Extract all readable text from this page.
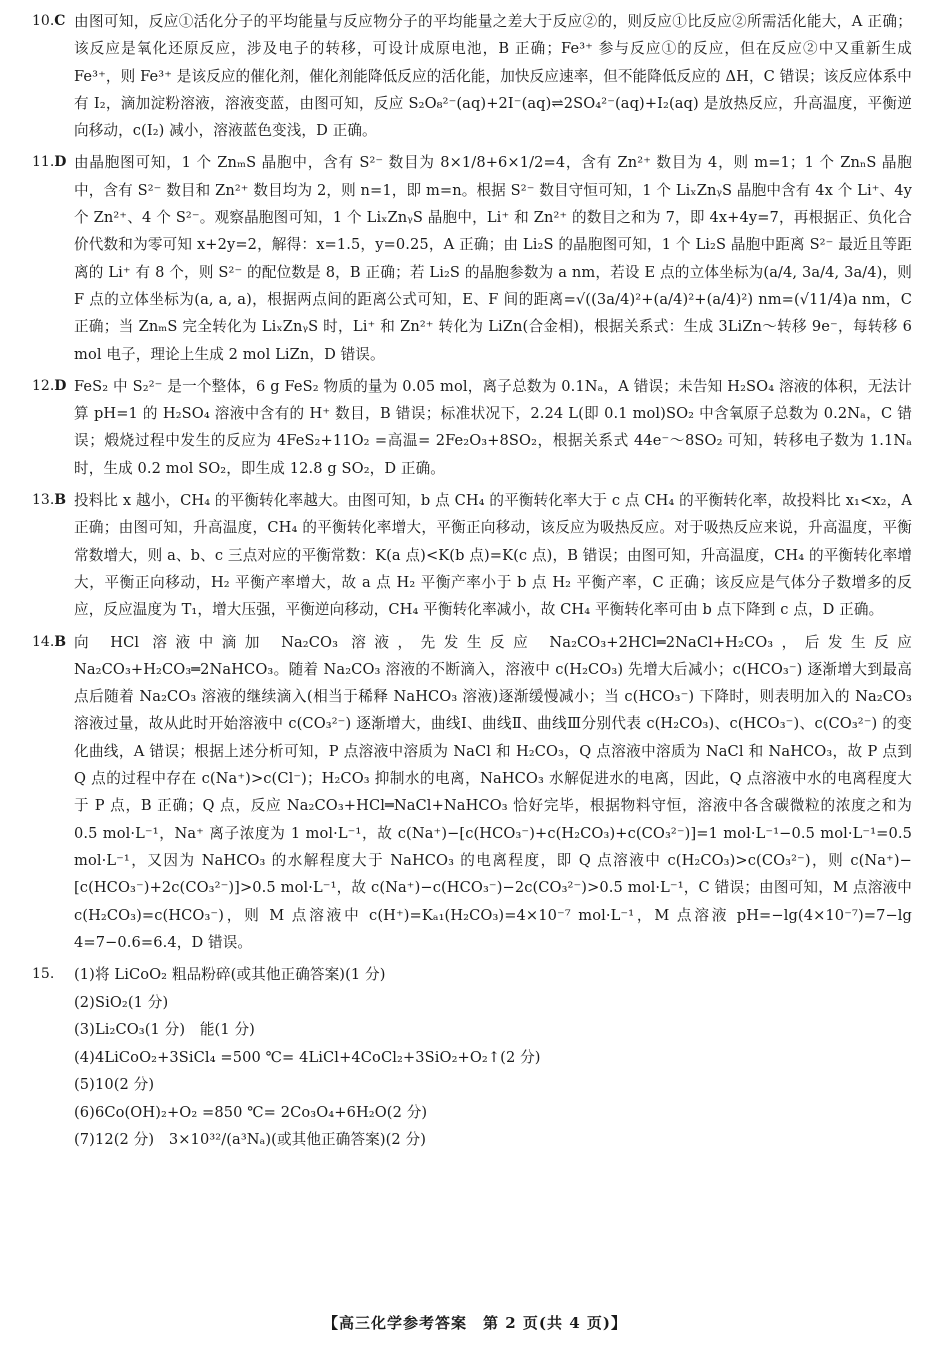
10.C 由图可知，反应①活化分子的平均能量与反应物分子的平均能量之差大于反应②的，则反应①比反应②所需活化能大，A 正确；该反应是氧化还原反应，涉及电子的转移，可设计成原电池，B 正确；Fe³⁺ 参与反应①的反应，但在反应②中又重新生成 Fe³⁺，则 Fe³⁺ 是该反应的催化剂，催化剂能降低反应的活化能，加快反应速率，但不能降低反应的 ΔH，C 错误；该反应体系中有 I₂，滴加淀粉溶液，溶液变蓝，由图可知，反应 S₂O₈²⁻(aq)+2I⁻(aq)⇌2SO₄²⁻(aq)+I₂(aq) 是放热反应，升高温度，平衡逆向移动，c(I₂) 减小，溶液蓝色变浅，D 正确。

11.D 由晶胞图可知，1 个 ZnₘS 晶胞中，含有 S²⁻ 数目为 8×1/8+6×1/2=4，含有 Zn²⁺ 数目为 4，则 m=1；1 个 ZnₙS 晶胞中，含有 S²⁻ 数目和 Zn²⁺ 数目均为 2，则 n=1，即 m=n。根据 S²⁻ 数目守恒可知，1 个 LiₓZnᵧS 晶胞中含有 4x 个 Li⁺、4y 个 Zn²⁺、4 个 S²⁻。观察晶胞图可知，1 个 LiₓZnᵧS 晶胞中，Li⁺ 和 Zn²⁺ 的数目之和为 7，即 4x+4y=7，再根据正、负化合价代数和为零可知 x+2y=2，解得：x=1.5，y=0.25，A 正确；由 Li₂S 的晶胞图可知，1 个 Li₂S 晶胞中距离 S²⁻ 最近且等距离的 Li⁺ 有 8 个，则 S²⁻ 的配位数是 8，B 正确；若 Li₂S 的晶胞参数为 a nm，若设 E 点的立体坐标为(a/4, 3a/4, 3a/4)，则 F 点的立体坐标为(a, a, a)，根据两点间的距离公式可知，E、F 间的距离=√((3a/4)²+(a/4)²+(a/4)²) nm=(√11/4)a nm，C 正确；当 ZnₘS 完全转化为 LiₓZnᵧS 时，Li⁺ 和 Zn²⁺ 转化为 LiZn(合金相)，根据关系式：生成 3LiZn～转移 9e⁻，每转移 6 mol 电子，理论上生成 2 mol LiZn，D 错误。

12.D FeS₂ 中 S₂²⁻ 是一个整体，6 g FeS₂ 物质的量为 0.05 mol，离子总数为 0.1Nₐ，A 错误；未告知 H₂SO₄ 溶液的体积，无法计算 pH=1 的 H₂SO₄ 溶液中含有的 H⁺ 数目，B 错误；标准状况下，2.24 L(即 0.1 mol)SO₂ 中含氧原子总数为 0.2Nₐ，C 错误；煅烧过程中发生的反应为 4FeS₂+11O₂ =高温= 2Fe₂O₃+8SO₂，根据关系式 44e⁻～8SO₂ 可知，转移电子数为 1.1Nₐ 时，生成 0.2 mol SO₂，即生成 12.8 g SO₂，D 正确。

13.B 投料比 x 越小，CH₄ 的平衡转化率越大。由图可知，b 点 CH₄ 的平衡转化率大于 c 点 CH₄ 的平衡转化率，故投料比 x₁<x₂，A 正确；由图可知，升高温度，CH₄ 的平衡转化率增大，平衡正向移动，该反应为吸热反应。对于吸热反应来说，升高温度，平衡常数增大，则 a、b、c 三点对应的平衡常数：K(a 点)<K(b 点)=K(c 点)，B 错误；由图可知，升高温度，CH₄ 的平衡转化率增大，平衡正向移动，H₂ 平衡产率增大，故 a 点 H₂ 平衡产率小于 b 点 H₂ 平衡产率，C 正确；该反应是气体分子数增多的反应，反应温度为 T₁，增大压强，平衡逆向移动，CH₄ 平衡转化率减小，故 CH₄ 平衡转化率可由 b 点下降到 c 点，D 正确。

14.B 向 HCl 溶液中滴加 Na₂CO₃ 溶液，先发生反应 Na₂CO₃+2HCl═2NaCl+H₂CO₃，后发生反应 Na₂CO₃+H₂CO₃═2NaHCO₃。随着 Na₂CO₃ 溶液的不断滴入，溶液中 c(H₂CO₃) 先增大后减小；c(HCO₃⁻) 逐渐增大到最高点后随着 Na₂CO₃ 溶液的继续滴入(相当于稀释 NaHCO₃ 溶液)逐渐缓慢减小；当 c(HCO₃⁻) 下降时，则表明加入的 Na₂CO₃ 溶液过量，故从此时开始溶液中 c(CO₃²⁻) 逐渐增大，曲线Ⅰ、曲线Ⅱ、曲线Ⅲ分别代表 c(H₂CO₃)、c(HCO₃⁻)、c(CO₃²⁻) 的变化曲线，A 错误；根据上述分析可知，P 点溶液中溶质为 NaCl 和 H₂CO₃，Q 点溶液中溶质为 NaCl 和 NaHCO₃，故 P 点到 Q 点的过程中存在 c(Na⁺)>c(Cl⁻)；H₂CO₃ 抑制水的电离，NaHCO₃ 水解促进水的电离，因此，Q 点溶液中水的电离程度大于 P 点，B 正确；Q 点，反应 Na₂CO₃+HCl═NaCl+NaHCO₃ 恰好完毕，根据物料守恒，溶液中各含碳微粒的浓度之和为 0.5 mol·L⁻¹，Na⁺ 离子浓度为 1 mol·L⁻¹，故 c(Na⁺)−[c(HCO₃⁻)+c(H₂CO₃)+c(CO₃²⁻)]=1 mol·L⁻¹−0.5 mol·L⁻¹=0.5 mol·L⁻¹，又因为 NaHCO₃ 的水解程度大于 NaHCO₃ 的电离程度，即 Q 点溶液中 c(H₂CO₃)>c(CO₃²⁻)，则 c(Na⁺)−[c(HCO₃⁻)+2c(CO₃²⁻)]>0.5 mol·L⁻¹，故 c(Na⁺)−c(HCO₃⁻)−2c(CO₃²⁻)>0.5 mol·L⁻¹，C 错误；由图可知，M 点溶液中 c(H₂CO₃)=c(HCO₃⁻)，则 M 点溶液中 c(H⁺)=Kₐ₁(H₂CO₃)=4×10⁻⁷ mol·L⁻¹，M 点溶液 pH=−lg(4×10⁻⁷)=7−lg 4=7−0.6=6.4，D 错误。

15.	(1)将 LiCoO₂ 粗品粉碎(或其他正确答案)(1 分)

(2)SiO₂(1 分)

(3)Li₂CO₃(1 分)　能(1 分)

(4)4LiCoO₂+3SiCl₄ =500 ℃= 4LiCl+4CoCl₂+3SiO₂+O₂↑(2 分)

(5)10(2 分)

(6)6Co(OH)₂+O₂ =850 ℃= 2Co₃O₄+6H₂O(2 分)

(7)12(2 分)　3×10³²/(a³Nₐ)(或其他正确答案)(2 分)

【高三化学参考答案　第 2 页(共 4 页)】
